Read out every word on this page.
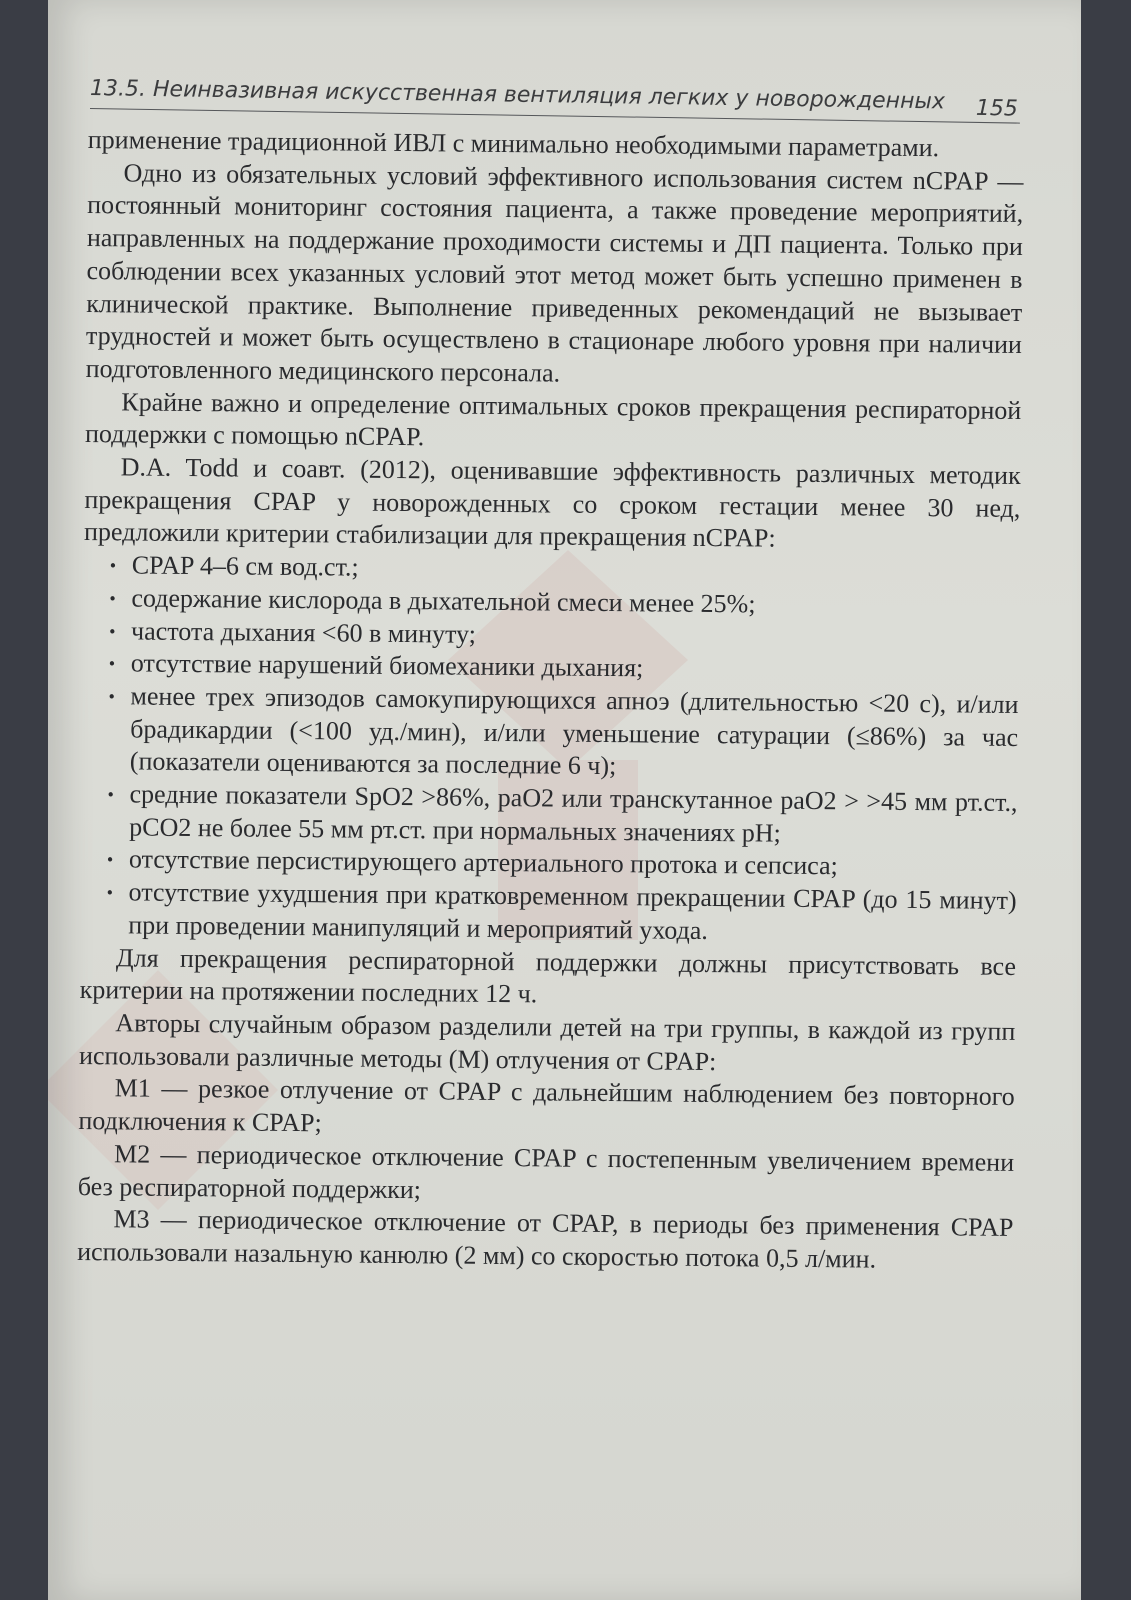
13.5. Неинвазивная искусственная вентиляция легких у новорожденных 155

применение традиционной ИВЛ с минимально необходимыми параметрами.

Одно из обязательных условий эффективного использования систем nCPAP — постоянный мониторинг состояния пациента, а также проведение мероприятий, направленных на поддержание проходимости системы и ДП пациента. Только при соблюдении всех указанных условий этот метод может быть успешно применен в клинической практике. Выполнение приведенных рекомендаций не вызывает трудностей и может быть осуществлено в стационаре любого уровня при наличии подготовленного медицинского персонала.

Крайне важно и определение оптимальных сроков прекращения респираторной поддержки с помощью nCPAP.

D.A. Todd и соавт. (2012), оценивавшие эффективность различных методик прекращения CPAP у новорожденных со сроком гестации менее 30 нед, предложили критерии стабилизации для прекращения nCPAP:

• CPAP 4–6 см вод.ст.;
• содержание кислорода в дыхательной смеси менее 25%;
• частота дыхания <60 в минуту;
• отсутствие нарушений биомеханики дыхания;
• менее трех эпизодов самокупирующихся апноэ (длительностью <20 с), и/или брадикардии (<100 уд./мин), и/или уменьшение сатурации (≤86%) за час (показатели оцениваются за последние 6 ч);
• средние показатели SpO2 >86%, paO2 или транскутанное paO2 > >45 мм рт.ст., pCO2 не более 55 мм рт.ст. при нормальных значениях pH;
• отсутствие персистирующего артериального протока и сепсиса;
• отсутствие ухудшения при кратковременном прекращении CPAP (до 15 минут) при проведении манипуляций и мероприятий ухода.

Для прекращения респираторной поддержки должны присутствовать все критерии на протяжении последних 12 ч.

Авторы случайным образом разделили детей на три группы, в каждой из групп использовали различные методы (М) отлучения от CPAP:

M1 — резкое отлучение от CPAP с дальнейшим наблюдением без повторного подключения к CPAP;

M2 — периодическое отключение CPAP с постепенным увеличением времени без респираторной поддержки;

M3 — периодическое отключение от CPAP, в периоды без применения CPAP использовали назальную канюлю (2 мм) со скоростью потока 0,5 л/мин.
